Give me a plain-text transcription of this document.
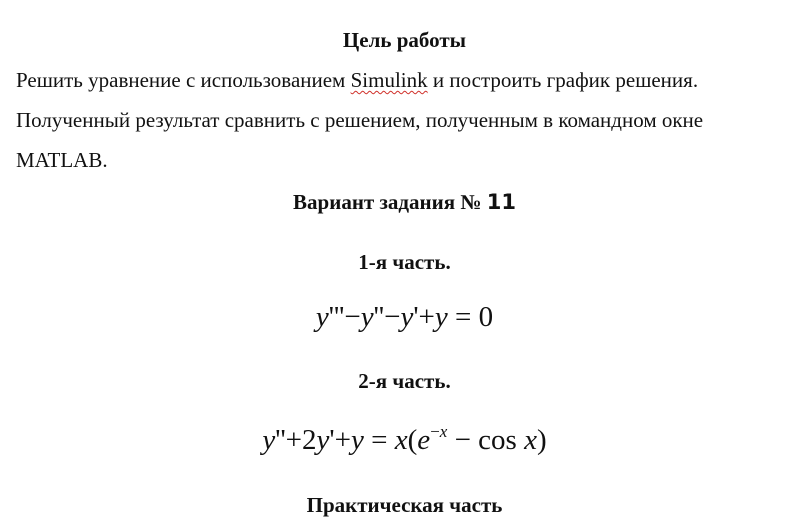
Цель работы
Решить уравнение с использованием Simulink и построить график решения.
Полученный результат сравнить с решением, полученным в командном окне
MATLAB.
Вариант задания № 11
1-я часть.
y'''−y''−y'+y = 0
2-я часть.
$y''+2y'+y = x(e^{-x} - \cos x)$
Практическая часть
